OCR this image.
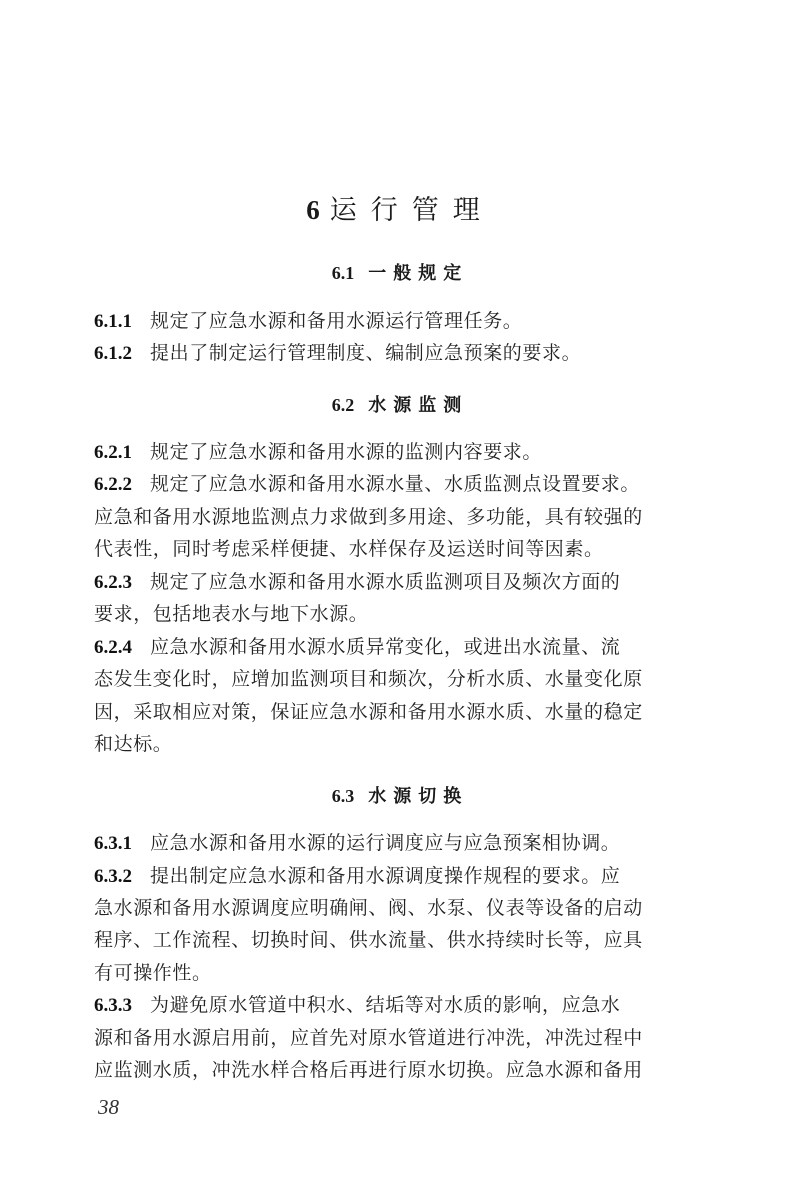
6 运行管理
6.1 一般规定
6.1.1 规定了应急水源和备用水源运行管理任务。
6.1.2 提出了制定运行管理制度、编制应急预案的要求。
6.2 水源监测
6.2.1 规定了应急水源和备用水源的监测内容要求。
6.2.2 规定了应急水源和备用水源水量、水质监测点设置要求。
应急和备用水源地监测点力求做到多用途、多功能，具有较强的
代表性，同时考虑采样便捷、水样保存及运送时间等因素。
6.2.3 规定了应急水源和备用水源水质监测项目及频次方面的
要求，包括地表水与地下水源。
6.2.4 应急水源和备用水源水质异常变化，或进出水流量、流
态发生变化时，应增加监测项目和频次，分析水质、水量变化原
因，采取相应对策，保证应急水源和备用水源水质、水量的稳定
和达标。
6.3 水源切换
6.3.1 应急水源和备用水源的运行调度应与应急预案相协调。
6.3.2 提出制定应急水源和备用水源调度操作规程的要求。应
急水源和备用水源调度应明确闸、阀、水泵、仪表等设备的启动
程序、工作流程、切换时间、供水流量、供水持续时长等，应具
有可操作性。
6.3.3 为避免原水管道中积水、结垢等对水质的影响，应急水
源和备用水源启用前，应首先对原水管道进行冲洗，冲洗过程中
应监测水质，冲洗水样合格后再进行原水切换。应急水源和备用
38
